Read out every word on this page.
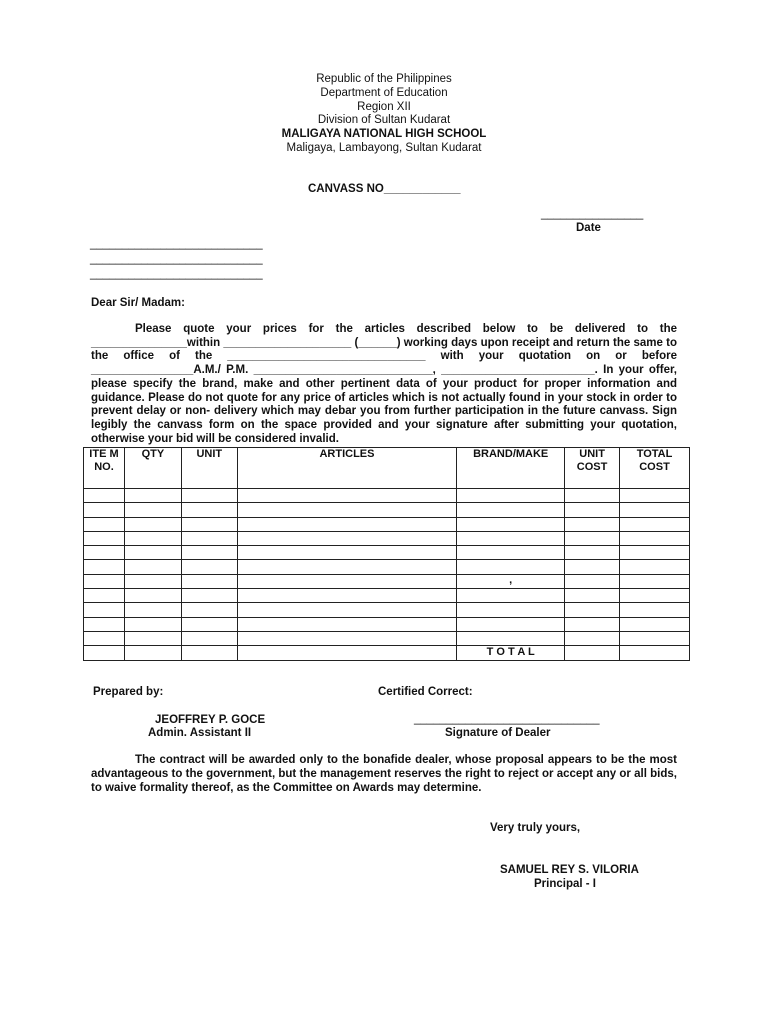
Republic of the Philippines
Department of Education
Region XII
Division of Sultan Kudarat
MALIGAYA NATIONAL HIGH SCHOOL
Maligaya, Lambayong, Sultan Kudarat
CANVASS NO____________
________________
Date
___________________________
___________________________
___________________________
Dear Sir/ Madam:
Please quote your prices for the articles described below to be delivered to the _______________within ____________________ (______) working days upon receipt and return the same to the office of the _______________________________ with your quotation on or before ________________A.M./ P.M. ____________________________, ________________________. In your offer, please specify the brand, make and other pertinent data of your product for proper information and guidance. Please do not quote for any price of articles which is not actually found in your stock in order to prevent delay or non- delivery which may debar you from further participation in the future canvass. Sign legibly the canvass form on the space provided and your signature after submitting your quotation, otherwise your bid will be considered invalid.
ITE M NO.	QTY	UNIT	ARTICLES	BRAND/MAKE	UNIT COST	TOTAL COST

				,		

				T O T A L		
Prepared by:	Certified Correct:
JEOFFREY P. GOCE
Admin. Assistant II
_____________________________
Signature of Dealer
The contract will be awarded only to the bonafide dealer, whose proposal appears to be the most advantageous to the government, but the management reserves the right to reject or accept any or all bids, to waive formality thereof, as the Committee on Awards may determine.
Very truly yours,
SAMUEL REY S. VILORIA
Principal - I
